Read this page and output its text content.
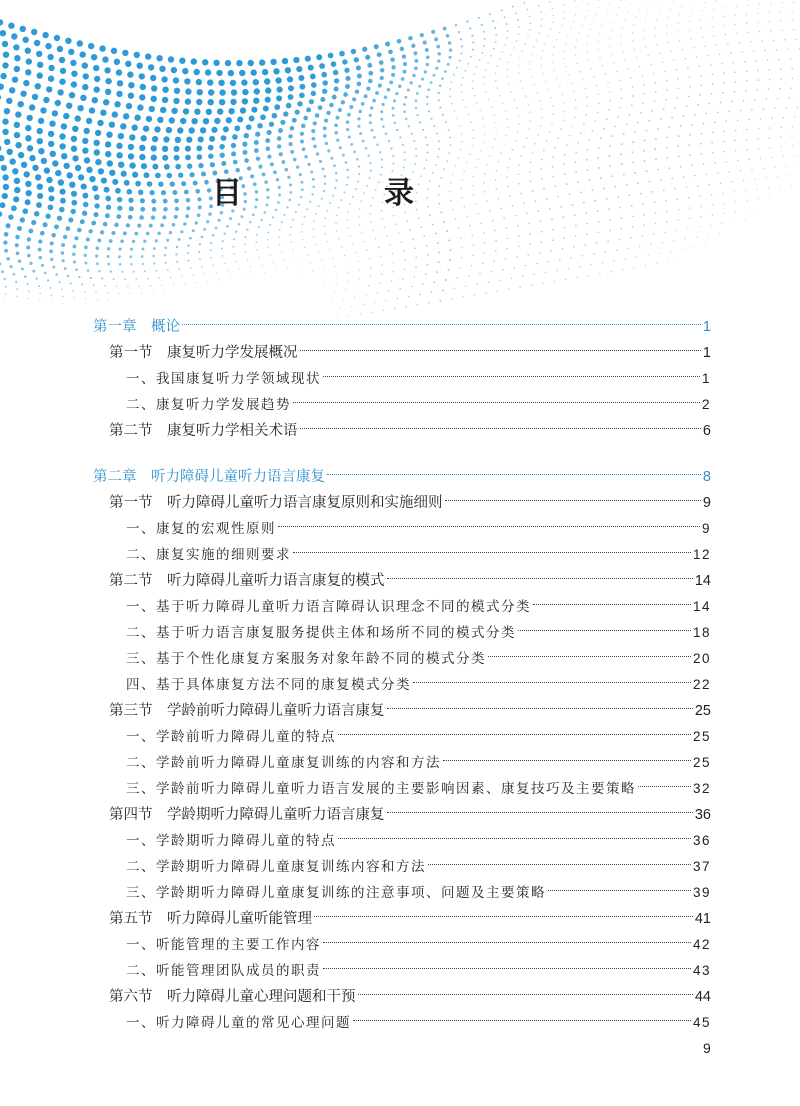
目　录
第一章　概论	1
第一节　康复听力学发展概况	1
一、我国康复听力学领域现状	1
二、康复听力学发展趋势	2
第二节　康复听力学相关术语	6
第二章　听力障碍儿童听力语言康复	8
第一节　听力障碍儿童听力语言康复原则和实施细则	9
一、康复的宏观性原则	9
二、康复实施的细则要求	12
第二节　听力障碍儿童听力语言康复的模式	14
一、基于听力障碍儿童听力语言障碍认识理念不同的模式分类	14
二、基于听力语言康复服务提供主体和场所不同的模式分类	18
三、基于个性化康复方案服务对象年龄不同的模式分类	20
四、基于具体康复方法不同的康复模式分类	22
第三节　学龄前听力障碍儿童听力语言康复	25
一、学龄前听力障碍儿童的特点	25
二、学龄前听力障碍儿童康复训练的内容和方法	25
三、学龄前听力障碍儿童听力语言发展的主要影响因素、康复技巧及主要策略	32
第四节　学龄期听力障碍儿童听力语言康复	36
一、学龄期听力障碍儿童的特点	36
二、学龄期听力障碍儿童康复训练内容和方法	37
三、学龄期听力障碍儿童康复训练的注意事项、问题及主要策略	39
第五节　听力障碍儿童听能管理	41
一、听能管理的主要工作内容	42
二、听能管理团队成员的职责	43
第六节　听力障碍儿童心理问题和干预	44
一、听力障碍儿童的常见心理问题	45
9
